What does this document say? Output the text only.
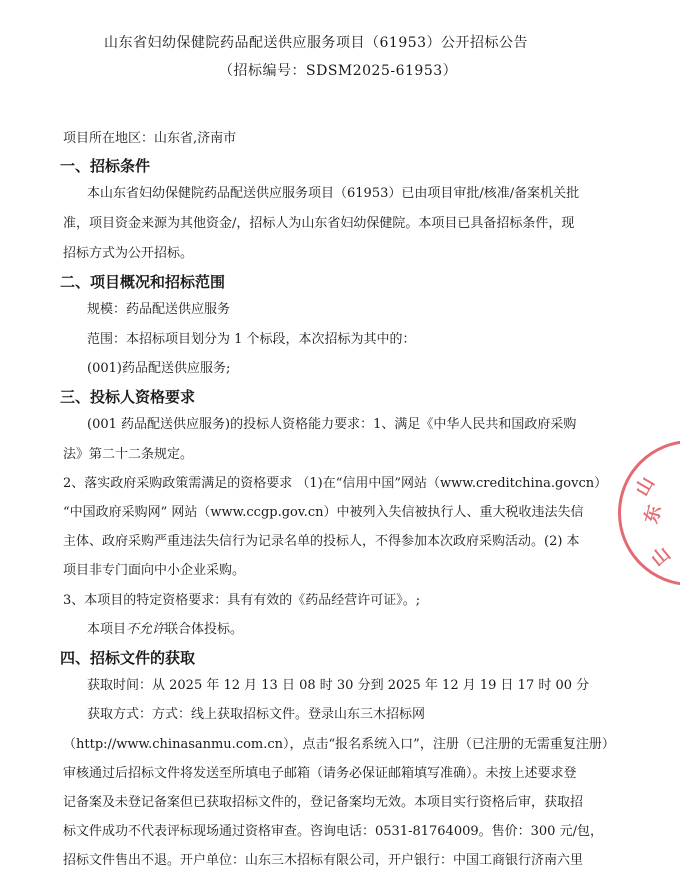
山东省妇幼保健院药品配送供应服务项目（61953）公开招标公告
（招标编号：SDSM2025-61953）
项目所在地区：山东省,济南市
一、招标条件
本山东省妇幼保健院药品配送供应服务项目（61953）已由项目审批/核准/备案机关批
准，项目资金来源为其他资金/，招标人为山东省妇幼保健院。本项目已具备招标条件，现
招标方式为公开招标。
二、项目概况和招标范围
规模：药品配送供应服务
范围：本招标项目划分为 1 个标段，本次招标为其中的：
(001)药品配送供应服务;
三、投标人资格要求
(001 药品配送供应服务)的投标人资格能力要求：1、满足《中华人民共和国政府采购
法》第二十二条规定。
2、落实政府采购政策需满足的资格要求 （1)在“信用中国”网站（www.creditchina.govcn）
“中国政府采购网” 网站（www.ccgp.gov.cn）中被列入失信被执行人、重大税收违法失信
主体、政府采购严重违法失信行为记录名单的投标人，不得参加本次政府采购活动。(2) 本
项目非专门面向中小企业采购。
3、本项目的特定资格要求：具有有效的《药品经营许可证》。;
本项目不允许联合体投标。
四、招标文件的获取
获取时间：从 2025 年 12 月 13 日 08 时 30 分到 2025 年 12 月 19 日 17 时 00 分
获取方式：方式：线上获取招标文件。登录山东三木招标网
（http://www.chinasanmu.com.cn），点击“报名系统入口”，注册（已注册的无需重复注册）
审核通过后招标文件将发送至所填电子邮箱（请务必保证邮箱填写准确）。未按上述要求登
记备案及未登记备案但已获取招标文件的，登记备案均无效。本项目实行资格后审，获取招
标文件成功不代表评标现场通过资格审查。咨询电话：0531-81764009。售价：300 元/包，
招标文件售出不退。开户单位：山东三木招标有限公司，开户银行：中国工商银行济南六里
山
东
山
